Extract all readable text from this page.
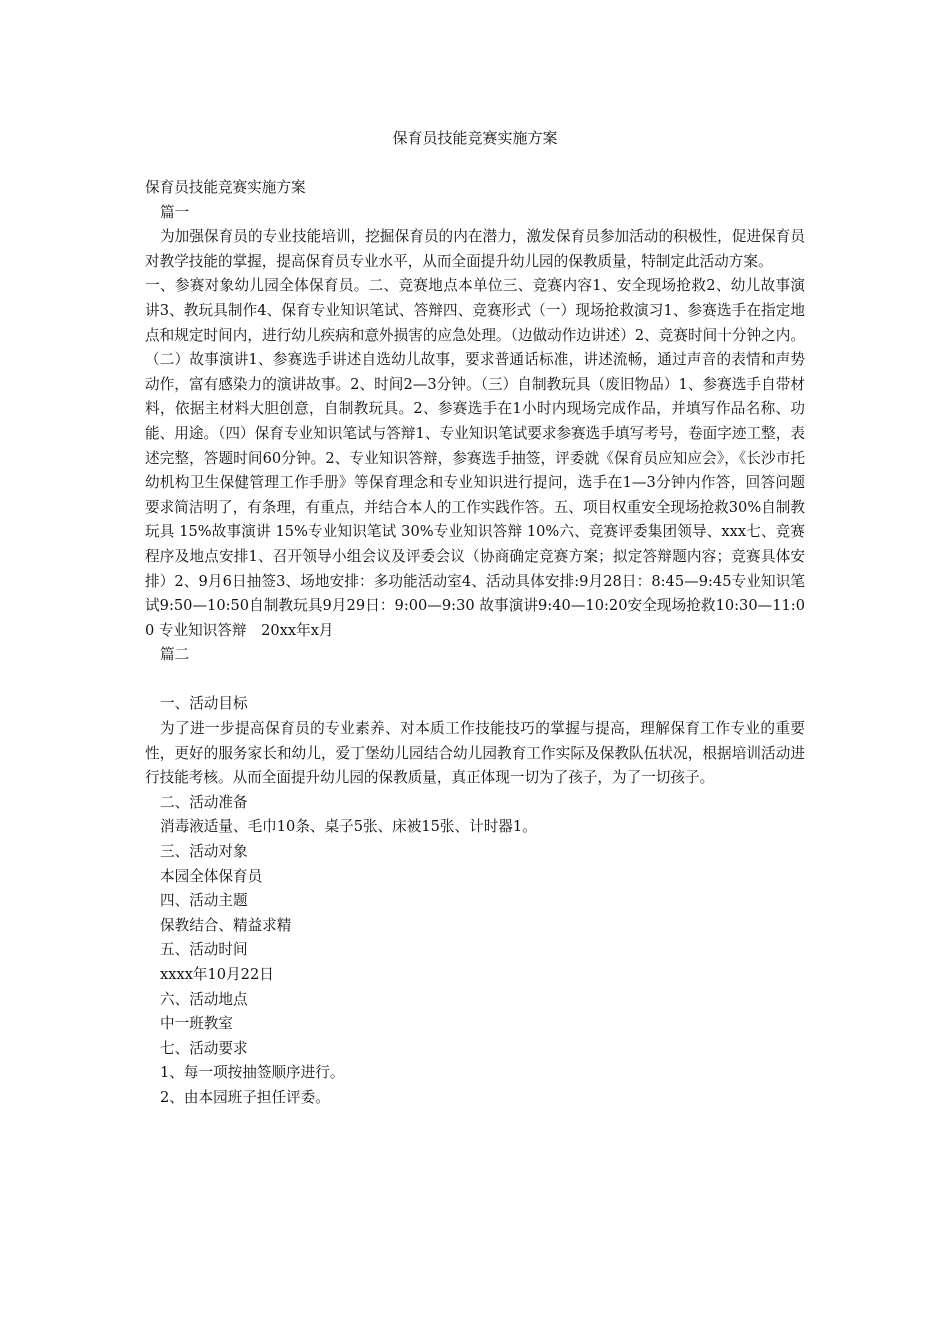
保育员技能竞赛实施方案

保育员技能竞赛实施方案

篇一

为加强保育员的专业技能培训，挖掘保育员的内在潜力，激发保育员参加活动的积极性，促进保育员对教学技能的掌握，提高保育员专业水平，从而全面提升幼儿园的保教质量，特制定此活动方案。

一、参赛对象幼儿园全体保育员。二、竞赛地点本单位三、竞赛内容1、安全现场抢救2、幼儿故事演讲3、教玩具制作4、保育专业知识笔试、答辩四、竞赛形式（一）现场抢救演习1、参赛选手在指定地点和规定时间内，进行幼儿疾病和意外损害的应急处理。（边做动作边讲述）2、竞赛时间十分钟之内。（二）故事演讲1、参赛选手讲述自选幼儿故事，要求普通话标准，讲述流畅，通过声音的表情和声势动作，富有感染力的演讲故事。2、时间2—3分钟。（三）自制教玩具（废旧物品）1、参赛选手自带材料，依据主材料大胆创意，自制教玩具。2、参赛选手在1小时内现场完成作品，并填写作品名称、功能、用途。（四）保育专业知识笔试与答辩1、专业知识笔试要求参赛选手填写考号，卷面字迹工整，表述完整，答题时间60分钟。2、专业知识答辩，参赛选手抽签，评委就《保育员应知应会》，《长沙市托幼机构卫生保健管理工作手册》等保育理念和专业知识进行提问，选手在1—3分钟内作答，回答问题要求简洁明了，有条理，有重点，并结合本人的工作实践作答。五、项目权重安全现场抢救30%自制教玩具 15%故事演讲 15%专业知识笔试 30%专业知识答辩 10%六、竞赛评委集团领导、xxx七、竞赛程序及地点安排1、召开领导小组会议及评委会议（协商确定竞赛方案；拟定答辩题内容；竞赛具体安排）2、9月6日抽签3、场地安排：多功能活动室4、活动具体安排:9月28日：8:45—9:45专业知识笔试9:50—10:50自制教玩具9月29日：9:00—9:30 故事演讲9:40—10:20安全现场抢救10:30—11:00 专业知识答辩　20xx年x月

篇二

一、活动目标

为了进一步提高保育员的专业素养、对本质工作技能技巧的掌握与提高，理解保育工作专业的重要性，更好的服务家长和幼儿，爱丁堡幼儿园结合幼儿园教育工作实际及保教队伍状况，根据培训活动进行技能考核。从而全面提升幼儿园的保教质量，真正体现一切为了孩子，为了一切孩子。

二、活动准备

消毒液适量、毛巾10条、桌子5张、床被15张、计时器1。

三、活动对象

本园全体保育员

四、活动主题

保教结合、精益求精

五、活动时间

xxxx年10月22日

六、活动地点

中一班教室

七、活动要求

1、每一项按抽签顺序进行。

2、由本园班子担任评委。
